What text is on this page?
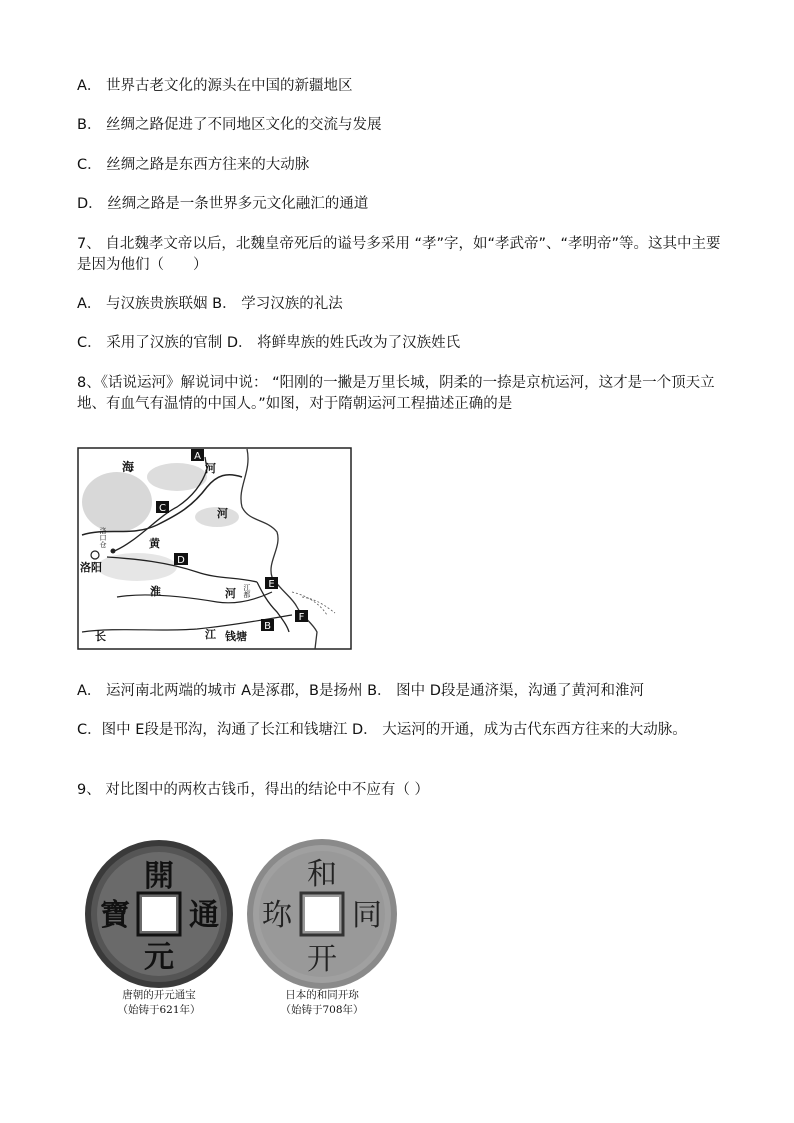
A． 世界古老文化的源头在中国的新疆地区
B． 丝绸之路促进了不同地区文化的交流与发展
C． 丝绸之路是东西方往来的大动脉
D． 丝绸之路是一条世界多元文化融汇的通道
7、 自北魏孝文帝以后，北魏皇帝死后的谥号多采用 “孝”字，如“孝武帝”、“孝明帝”等。这其中主要是因为他们（　　）
A． 与汉族贵族联姻 B． 学习汉族的礼法
C． 采用了汉族的官制 D． 将鲜卑族的姓氏改为了汉族姓氏
8、《话说运河》解说词中说： “阳刚的一撇是万里长城，阴柔的一捺是京杭运河，这才是一个顶天立地、有血气有温情的中国人。”如图，对于隋朝运河工程描述正确的是
A
C
D
E
F
B
海	河
河
黄
洛口仓
洛阳
淮	河 江都
长	江 钱塘
A． 运河南北两端的城市 A是涿郡，B是扬州 B． 图中 D段是通济渠，沟通了黄河和淮河
C．图中 E段是邗沟，沟通了长江和钱塘江 D． 大运河的开通，成为古代东西方往来的大动脉。
9、 对比图中的两枚古钱币，得出的结论中不应有（ ）
開
元
通
寶
和
开
同
珎
唐朝的开元通宝
（始铸于621年）
日本的和同开珎
（始铸于708年）
